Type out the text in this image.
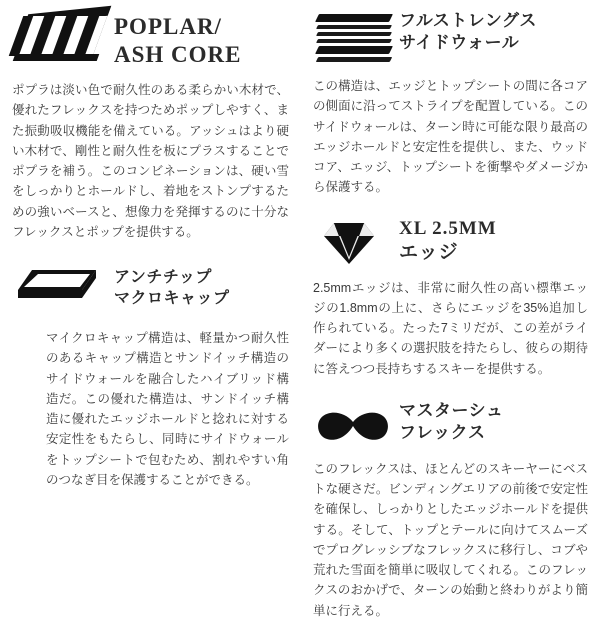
POPLAR/
ASH CORE
ポプラは淡い色で耐久性のある柔らかい木材で、優れたフレックスを持つためポップしやすく、また振動吸収機能を備えている。アッシュはより硬い木材で、剛性と耐久性を板にプラスすることでポプラを補う。このコンビネーションは、硬い雪をしっかりとホールドし、着地をストンプするための強いベースと、想像力を発揮するのに十分なフレックスとポップを提供する。
アンチチップ
マクロキャップ
マイクロキャップ構造は、軽量かつ耐久性のあるキャップ構造とサンドイッチ構造のサイドウォールを融合したハイブリッド構造だ。この優れた構造は、サンドイッチ構造に優れたエッジホールドと捻れに対する安定性をもたらし、同時にサイドウォールをトップシートで包むため、割れやすい角のつなぎ目を保護することができる。
フルストレングス
サイドウォール
この構造は、エッジとトップシートの間に各コアの側面に沿ってストライプを配置している。このサイドウォールは、ターン時に可能な限り最高のエッジホールドと安定性を提供し、また、ウッドコア、エッジ、トップシートを衝撃やダメージから保護する。
XL 2.5MM
エッジ
2.5mmエッジは、非常に耐久性の高い標準エッジの1.8mmの上に、さらにエッジを35%追加し作られている。たった7ミリだが、この差がライダーにより多くの選択肢を持たらし、彼らの期待に答えつつ長持ちするスキーを提供する。
マスターシュ
フレックス
このフレックスは、ほとんどのスキーヤーにベストな硬さだ。ビンディングエリアの前後で安定性を確保し、しっかりとしたエッジホールドを提供する。そして、トップとテールに向けてスムーズでプログレッシブなフレックスに移行し、コブや荒れた雪面を簡単に吸収してくれる。このフレックスのおかげで、ターンの始動と終わりがより簡単に行える。
